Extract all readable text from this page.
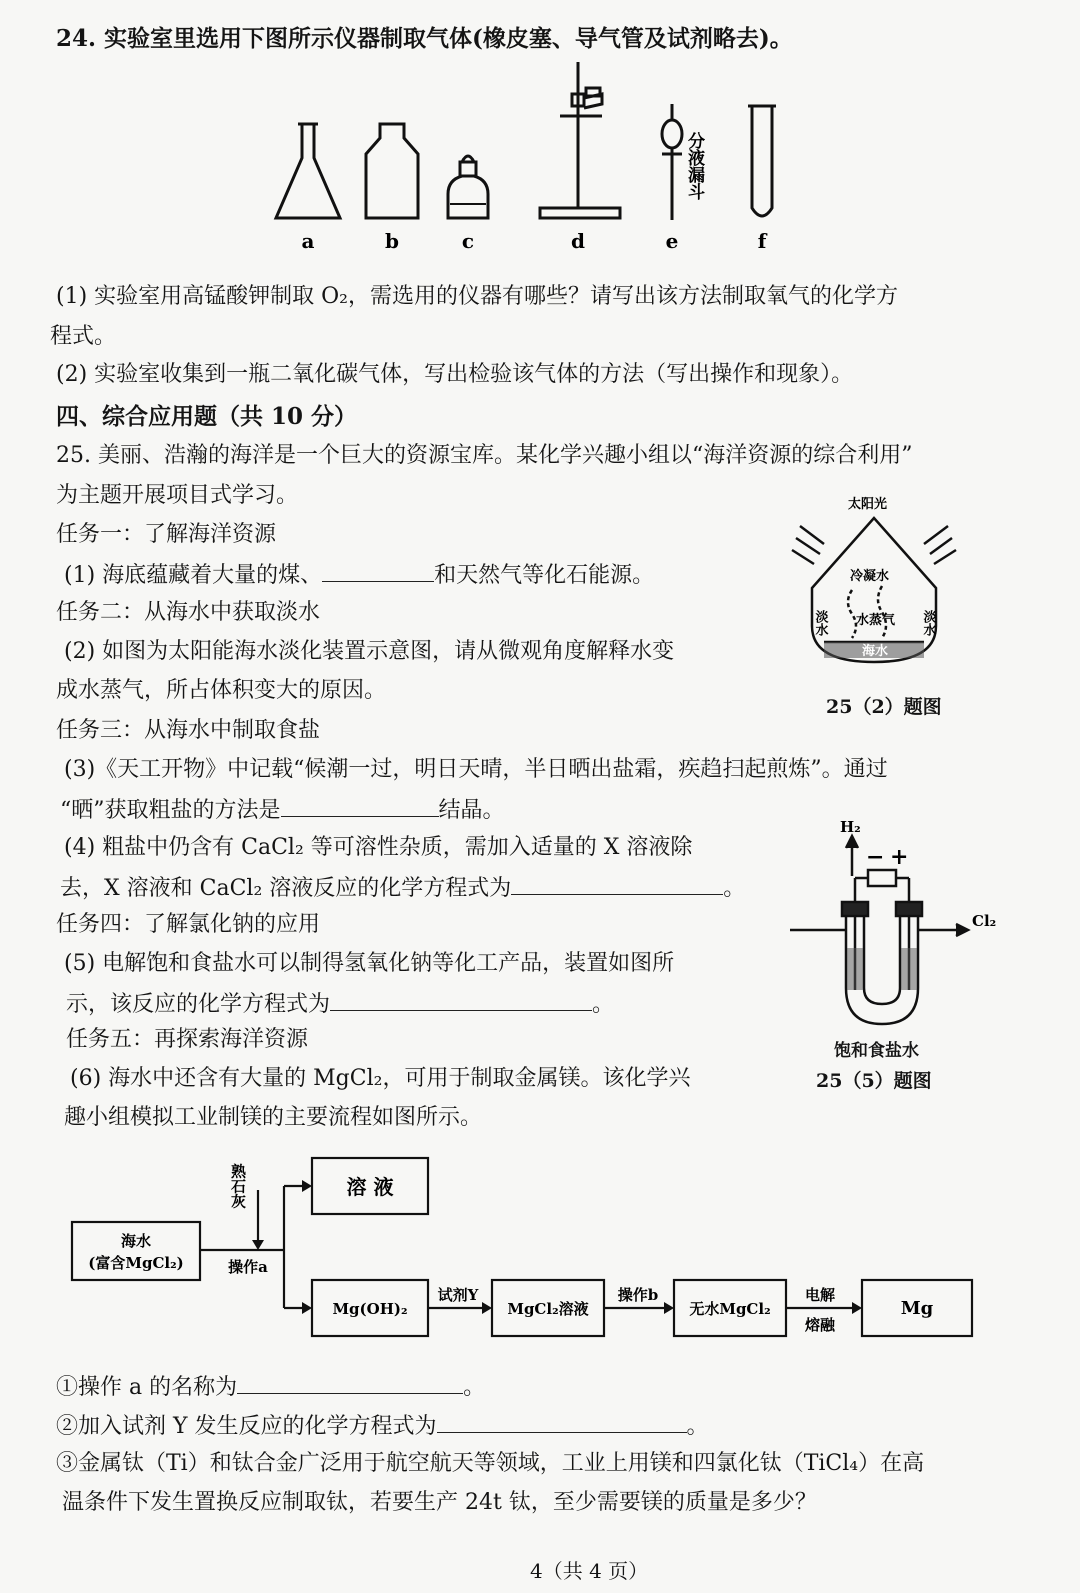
24. 实验室里选用下图所示仪器制取气体(橡皮塞、导气管及试剂略去)。
分液漏斗
a	b	c	d	e	f
(1) 实验室用高锰酸钾制取 O₂，需选用的仪器有哪些？请写出该方法制取氧气的化学方
程式。
(2) 实验室收集到一瓶二氧化碳气体，写出检验该气体的方法（写出操作和现象）。
四、综合应用题（共 10 分）
25. 美丽、浩瀚的海洋是一个巨大的资源宝库。某化学兴趣小组以“海洋资源的综合利用”
为主题开展项目式学习。
任务一：了解海洋资源
(1) 海底蕴藏着大量的煤、	和天然气等化石能源。
任务二：从海水中获取淡水
(2) 如图为太阳能海水淡化装置示意图，请从微观角度解释水变
成水蒸气，所占体积变大的原因。
太阳光
冷凝水
水蒸气
淡水	淡水
海水
25（2）题图
任务三：从海水中制取食盐
(3)《天工开物》中记载“候潮一过，明日天晴，半日晒出盐霜，疾趋扫起煎炼”。通过
“晒”获取粗盐的方法是	结晶。
(4) 粗盐中仍含有 CaCl₂ 等可溶性杂质，需加入适量的 X 溶液除
去，X 溶液和 CaCl₂ 溶液反应的化学方程式为	。
任务四：了解氯化钠的应用
(5) 电解饱和食盐水可以制得氢氧化钠等化工产品，装置如图所
示，该反应的化学方程式为	。
H₂
Cl₂
− +
饱和食盐水
25（5）题图
任务五：再探索海洋资源
(6) 海水中还含有大量的 MgCl₂，可用于制取金属镁。该化学兴
趣小组模拟工业制镁的主要流程如图所示。
海水
(富含MgCl₂)
熟石灰
操作a
溶 液
Mg(OH)₂
试剂Y
MgCl₂溶液
操作b
无水MgCl₂
电解
熔融
Mg
①操作 a 的名称为	。
②加入试剂 Y 发生反应的化学方程式为	。
③金属钛（Ti）和钛合金广泛用于航空航天等领域，工业上用镁和四氯化钛（TiCl₄）在高
温条件下发生置换反应制取钛，若要生产 24t 钛，至少需要镁的质量是多少？
4（共 4 页）
